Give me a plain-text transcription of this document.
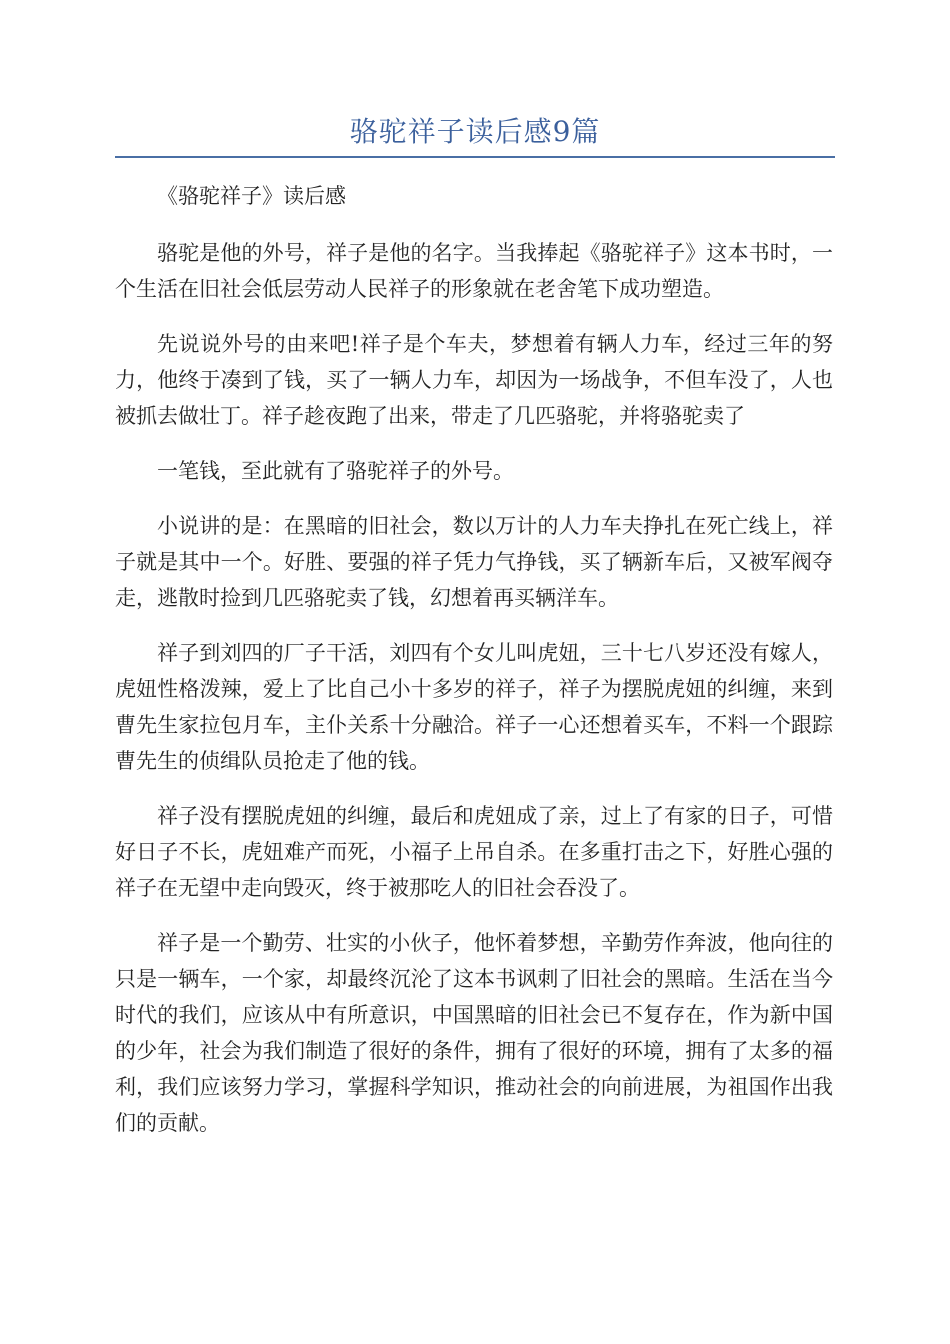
骆驼祥子读后感9篇

《骆驼祥子》读后感

骆驼是他的外号，祥子是他的名字。当我捧起《骆驼祥子》这本书时，一个生活在旧社会低层劳动人民祥子的形象就在老舍笔下成功塑造。

先说说外号的由来吧!祥子是个车夫，梦想着有辆人力车，经过三年的努力，他终于凑到了钱，买了一辆人力车，却因为一场战争，不但车没了，人也被抓去做壮丁。祥子趁夜跑了出来，带走了几匹骆驼，并将骆驼卖了

一笔钱，至此就有了骆驼祥子的外号。

小说讲的是：在黑暗的旧社会，数以万计的人力车夫挣扎在死亡线上，祥子就是其中一个。好胜、要强的祥子凭力气挣钱，买了辆新车后，又被军阀夺走，逃散时捡到几匹骆驼卖了钱，幻想着再买辆洋车。

祥子到刘四的厂子干活，刘四有个女儿叫虎妞，三十七八岁还没有嫁人，虎妞性格泼辣，爱上了比自己小十多岁的祥子，祥子为摆脱虎妞的纠缠，来到曹先生家拉包月车，主仆关系十分融洽。祥子一心还想着买车，不料一个跟踪曹先生的侦缉队员抢走了他的钱。

祥子没有摆脱虎妞的纠缠，最后和虎妞成了亲，过上了有家的日子，可惜好日子不长，虎妞难产而死，小福子上吊自杀。在多重打击之下，好胜心强的祥子在无望中走向毁灭，终于被那吃人的旧社会吞没了。

祥子是一个勤劳、壮实的小伙子，他怀着梦想，辛勤劳作奔波，他向往的只是一辆车，一个家，却最终沉沦了这本书讽刺了旧社会的黑暗。生活在当今时代的我们，应该从中有所意识，中国黑暗的旧社会已不复存在，作为新中国的少年，社会为我们制造了很好的条件，拥有了很好的环境，拥有了太多的福利，我们应该努力学习，掌握科学知识，推动社会的向前进展，为祖国作出我们的贡献。
